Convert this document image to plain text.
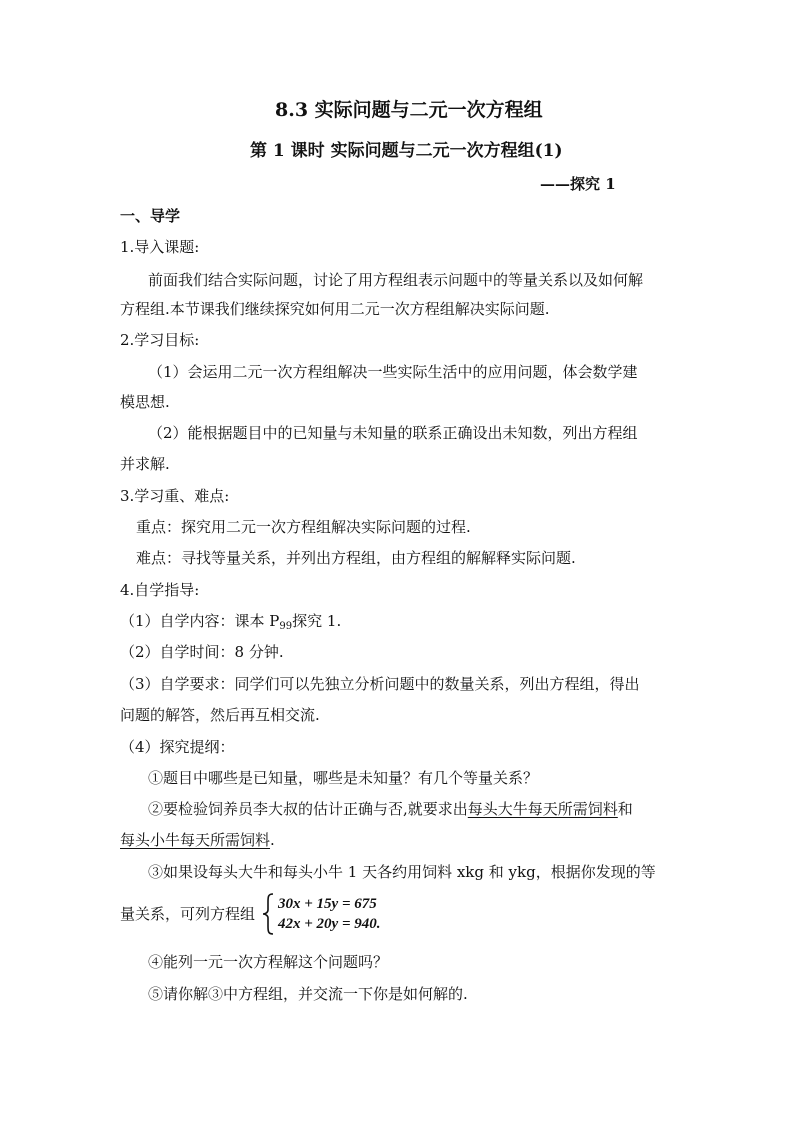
8.3 实际问题与二元一次方程组
第 1 课时 实际问题与二元一次方程组(1)
——探究 1
一、导学
1.导入课题:
前面我们结合实际问题，讨论了用方程组表示问题中的等量关系以及如何解
方程组.本节课我们继续探究如何用二元一次方程组解决实际问题.
2.学习目标:
（1）会运用二元一次方程组解决一些实际生活中的应用问题，体会数学建
模思想.
（2）能根据题目中的已知量与未知量的联系正确设出未知数，列出方程组
并求解.
3.学习重、难点:
重点：探究用二元一次方程组解决实际问题的过程.
难点：寻找等量关系，并列出方程组，由方程组的解解释实际问题.
4.自学指导:
（1）自学内容：课本 $P_{99}$探究 1.
（2）自学时间：8 分钟.
（3）自学要求：同学们可以先独立分析问题中的数量关系，列出方程组，得出
问题的解答，然后再互相交流.
（4）探究提纲：
①题目中哪些是已知量，哪些是未知量？有几个等量关系？
②要检验饲养员李大叔的估计正确与否,就要求出每头大牛每天所需饲料和
每头小牛每天所需饲料.
③如果设每头大牛和每头小牛 1 天各约用饲料 xkg 和 ykg，根据你发现的等
量关系，可列方程组
30x + 15y = 675
42x + 20y = 940.
④能列一元一次方程解这个问题吗？
⑤请你解③中方程组，并交流一下你是如何解的.
